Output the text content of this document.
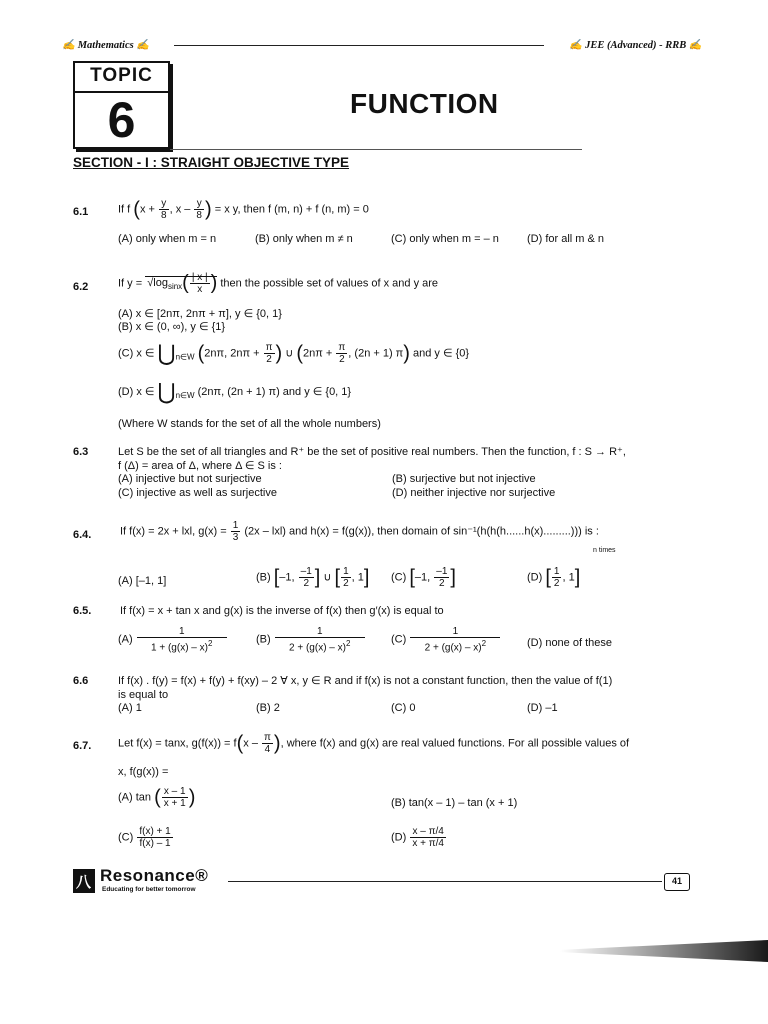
✍ Mathematics ✍	✍ JEE (Advanced) - RRB ✍
TOPIC
6	FUNCTION
SECTION - I : STRAIGHT OBJECTIVE TYPE
6.1	If f ($x + \frac{y}{8}$ , x – $\frac{y}{8}$ ) = x y, then f (m, n) + f (n, m) = 0
(A) only when m = n	(B) only when m ≠ n	(C) only when m = – n	(D) for all m & n
6.2	If $y = √\log_{sinx}( \frac{| x |}{x}$ ) then the possible set of values of x and y are
(A) x ∈ [2nπ, 2nπ + π], y ∈ {0, 1}
(B) x ∈ (0, ∞), y ∈ {1}
(C) x ∈ $⋃_{n\in W}$ (2nπ, $2n\pi + \frac{\pi}{2}$ ) ∪ ($2n\pi + \frac{\pi}{2}$ , (2n + 1) π) and y ∈ {0}
(D) x ∈ $⋃_{n\in W}$ (2nπ, (2n + 1) π) and y ∈ {0, 1}
(Where W stands for the set of all the whole numbers)
6.3	Let S be the set of all triangles and R⁺ be the set of positive real numbers. Then the function, f : S → R⁺,
f (Δ) = area of Δ, where Δ ∈ S is :
(A) injective but not surjective	(B) surjective but not injective
(C) injective as well as surjective	(D) neither injective nor surjective
6.4.	If f(x) = 2x + lxl, $g(x) = \frac{1}{3} (2x - lxl)$ and h(x) = f(g(x)), then domain of sin⁻¹(h(h(h......h(x).........))) is :
n times
(A) [–1, 1]	(B) [–1, $\frac{-1}{2}$ ] ∪ [ $\frac{1}{2}$ , 1] (C) [–1, $\frac{-1}{2}$ ]	(D) [ $\frac{1}{2}$ , 1]
6.5.	If f(x) = x + tan x and g(x) is the inverse of f(x) then g′(x) is equal to
$(A) \frac{1}{1 + (g(x) - x)^2}$	$(B) \frac{1}{2 + (g(x) - x)^2} (C) \frac{1}{2 + (g(x) - x)^2} (D)$ none of these
6.6	If f(x) . f(y) = f(x) + f(y) + f(xy) – 2 ∀ x, y ∈ R and if f(x) is not a constant function, then the value of f(1)
is equal to
(A) 1	(B) 2	(C) 0	(D) –1
6.7. Let f(x) = tanx, $g(f(x)) = f(x - \frac{\pi}{4}$ ), where f(x) and g(x) are real valued functions. For all possible values of
x, f(g(x)) =
(A) tan ( $\frac{x - 1}{x + 1}$ )	(B) tan(x – 1) – tan (x + 1)
$(C) \frac{f(x) + 1}{f(x) - 1}$	$(D) \frac{x - \pi/4}{x + \pi/4}$
八
Resonance®
Educating for better tomorrow
41
